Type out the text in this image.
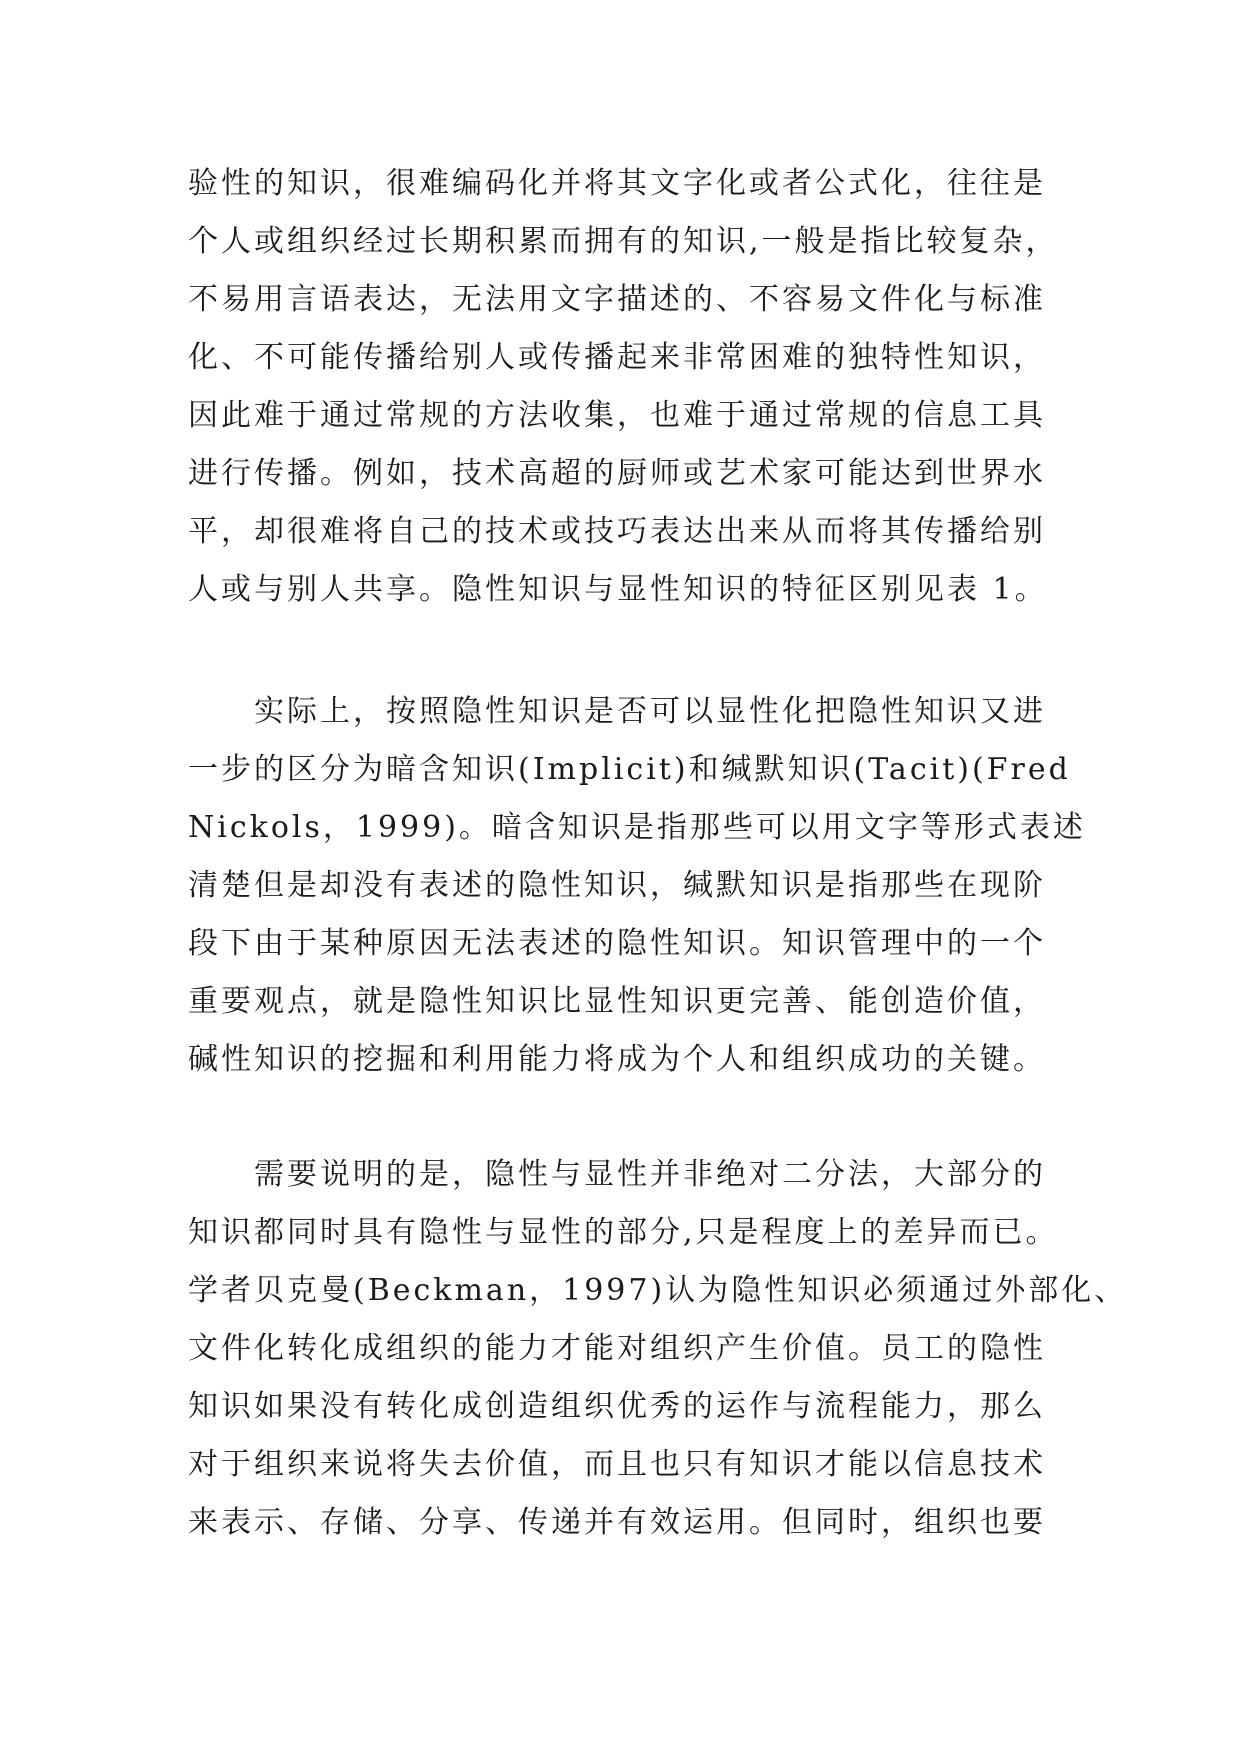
验性的知识，很难编码化并将其文字化或者公式化，往往是
个人或组织经过长期积累而拥有的知识,一般是指比较复杂，
不易用言语表达，无法用文字描述的、不容易文件化与标准
化、不可能传播给别人或传播起来非常困难的独特性知识，
因此难于通过常规的方法收集，也难于通过常规的信息工具
进行传播。例如，技术高超的厨师或艺术家可能达到世界水
平，却很难将自己的技术或技巧表达出来从而将其传播给别
人或与别人共享。隐性知识与显性知识的特征区别见表 1。
　　实际上，按照隐性知识是否可以显性化把隐性知识又进
一步的区分为暗含知识(Implicit)和缄默知识(Tacit)(Fred
Nickols，1999)。暗含知识是指那些可以用文字等形式表述
清楚但是却没有表述的隐性知识，缄默知识是指那些在现阶
段下由于某种原因无法表述的隐性知识。知识管理中的一个
重要观点，就是隐性知识比显性知识更完善、能创造价值，
碱性知识的挖掘和利用能力将成为个人和组织成功的关键。
　　需要说明的是，隐性与显性并非绝对二分法，大部分的
知识都同时具有隐性与显性的部分,只是程度上的差异而已。
学者贝克曼(Beckman，1997)认为隐性知识必须通过外部化、
文件化转化成组织的能力才能对组织产生价值。员工的隐性
知识如果没有转化成创造组织优秀的运作与流程能力，那么
对于组织来说将失去价值，而且也只有知识才能以信息技术
来表示、存储、分享、传递并有效运用。但同时，组织也要
